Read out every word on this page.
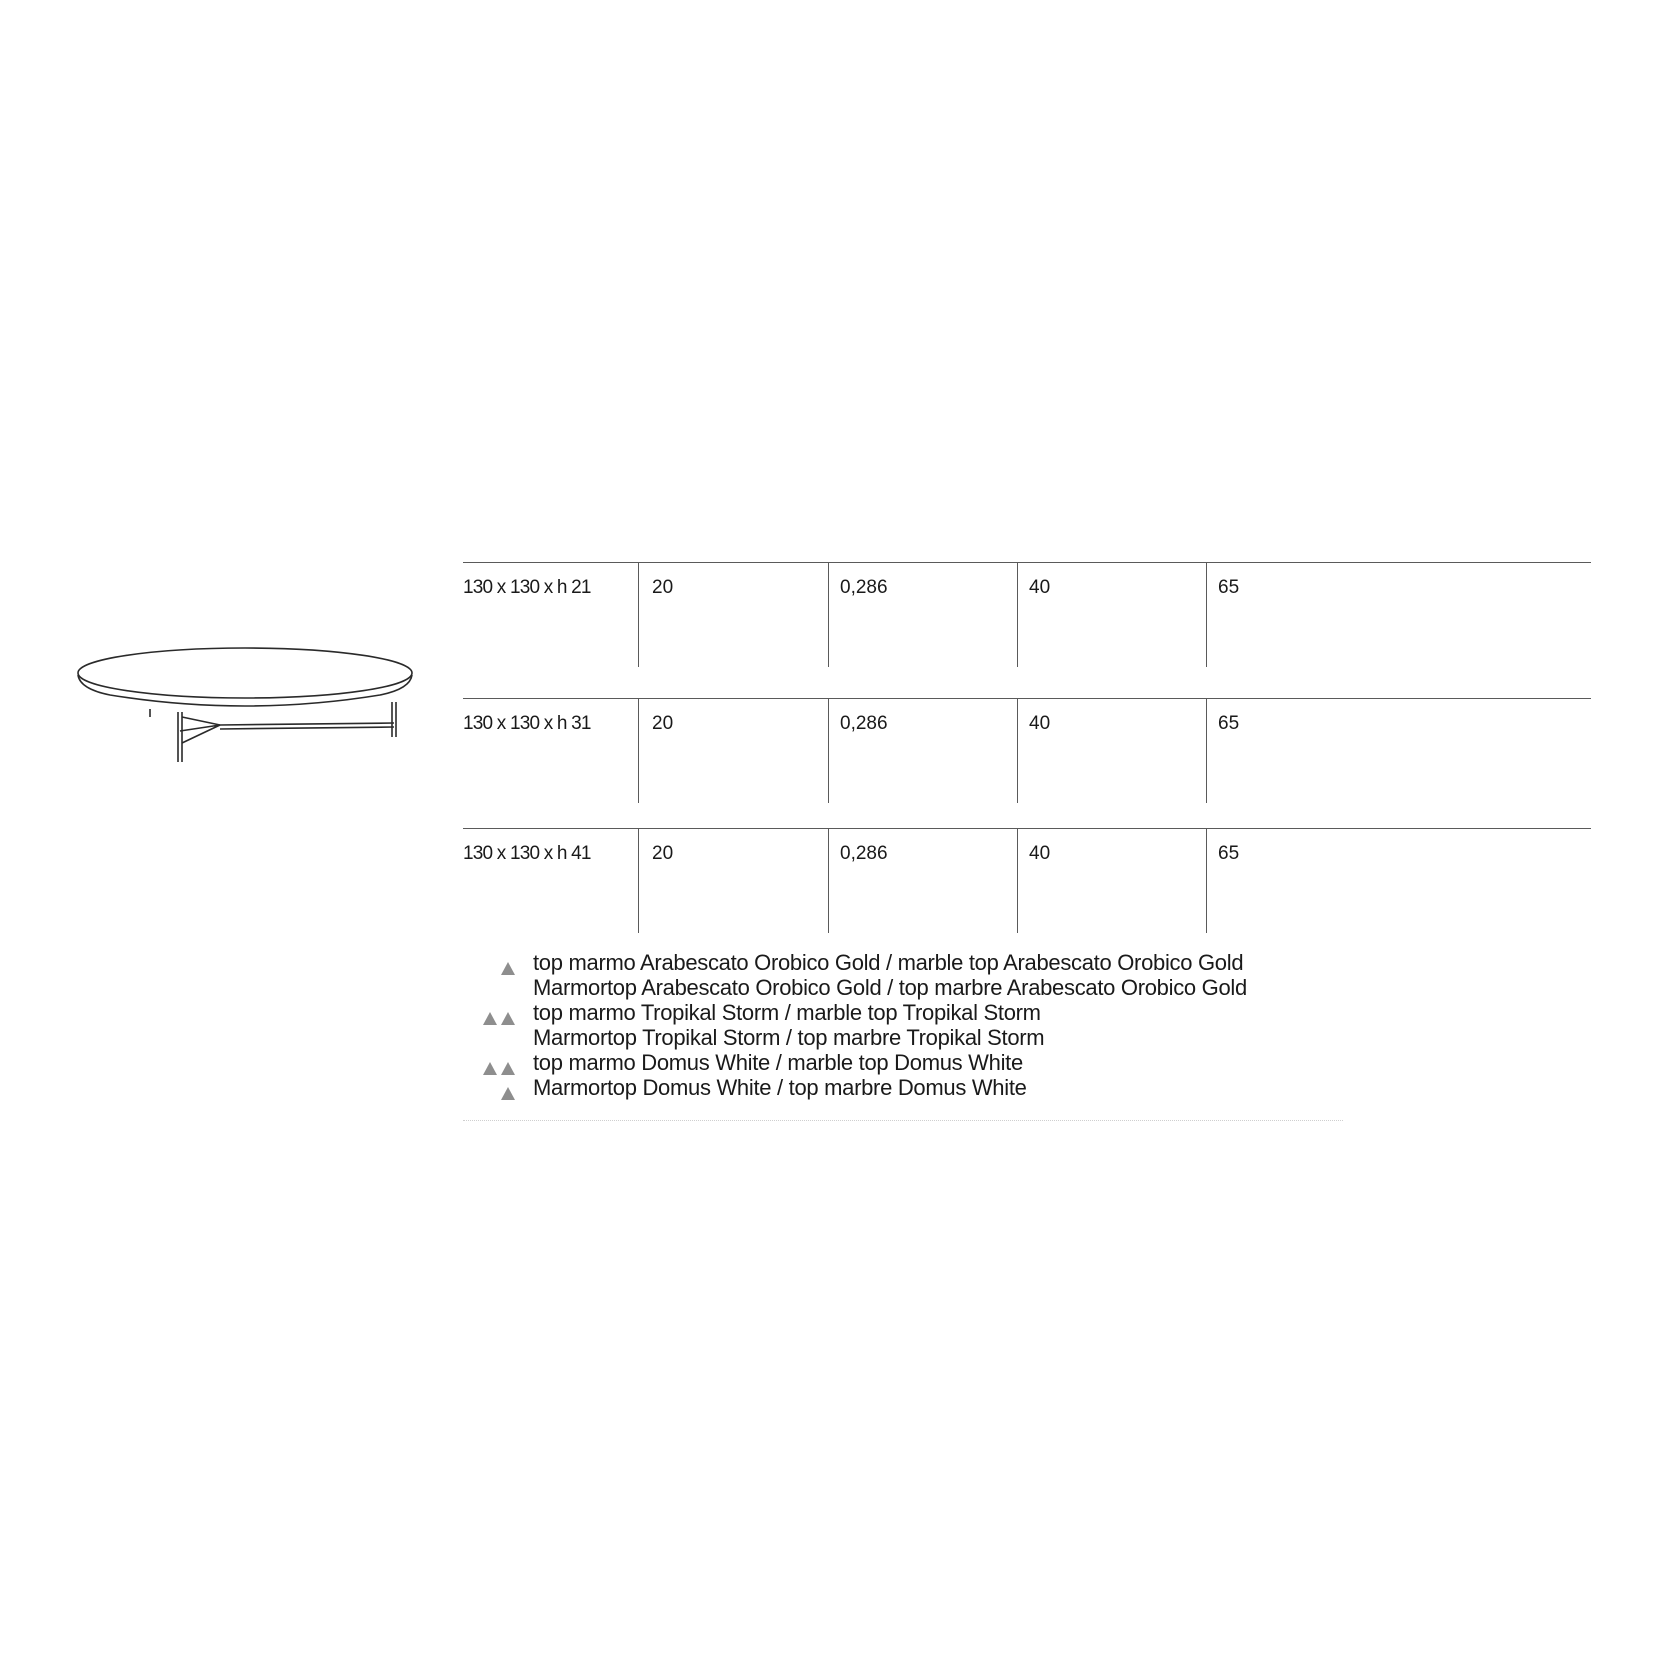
130 x 130 x h 21	20	0,286	40	65
130 x 130 x h 31	20	0,286	40	65
130 x 130 x h 41	20	0,286	40	65
top marmo Arabescato Orobico Gold / marble top Arabescato Orobico Gold
Marmortop Arabescato Orobico Gold / top marbre Arabescato Orobico Gold
top marmo Tropikal Storm / marble top Tropikal Storm
Marmortop Tropikal Storm / top marbre Tropikal Storm
top marmo Domus White / marble top Domus White
Marmortop Domus White / top marbre Domus White
